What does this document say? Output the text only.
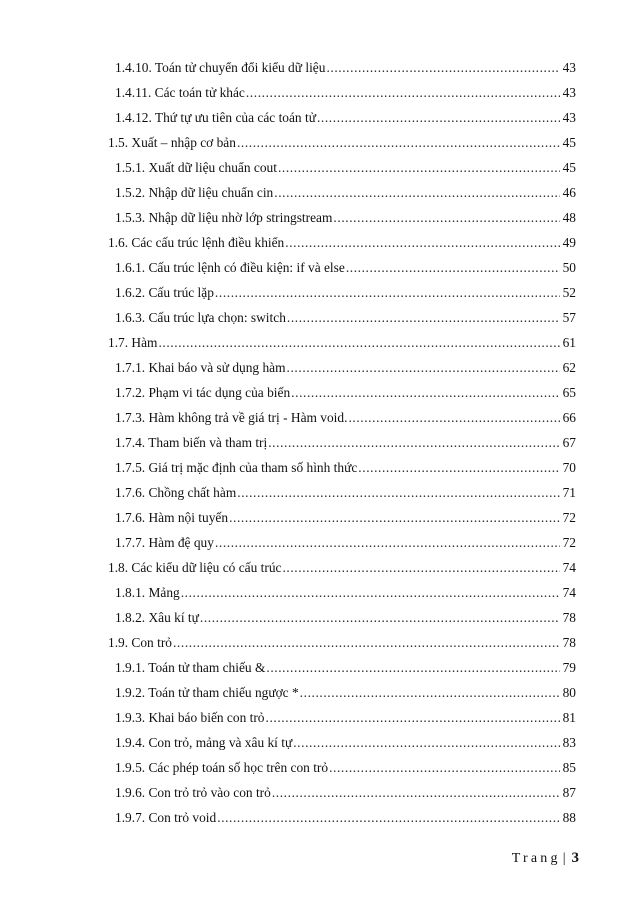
1.4.10. Toán tử chuyển đổi kiểu dữ liệu .....	43
1.4.11. Các toán tử khác .....	43
1.4.12. Thứ tự ưu tiên của các toán tử .....	43
1.5. Xuất – nhập cơ bản .....	45
1.5.1. Xuất dữ liệu chuẩn cout .....	45
1.5.2. Nhập dữ liệu chuẩn cin .....	46
1.5.3. Nhập dữ liệu nhờ lớp stringstream .....	48
1.6. Các cấu trúc lệnh điều khiển .....	49
1.6.1. Cấu trúc lệnh có điều kiện: if và else .....	50
1.6.2. Cấu trúc lặp .....	52
1.6.3. Cấu trúc lựa chọn: switch .....	57
1.7. Hàm .....	61
1.7.1. Khai báo và sử dụng hàm .....	62
1.7.2. Phạm vi tác dụng của biến .....	65
1.7.3. Hàm không trả về giá trị - Hàm void. .....	66
1.7.4. Tham biến và tham trị .....	67
1.7.5. Giá trị mặc định của tham số hình thức .....	70
1.7.6. Chồng chất hàm .....	71
1.7.6. Hàm nội tuyến .....	72
1.7.7. Hàm đệ quy .....	72
1.8. Các kiểu dữ liệu có cấu trúc .....	74
1.8.1. Mảng .....	74
1.8.2. Xâu kí tự .....	78
1.9. Con trỏ .....	78
1.9.1. Toán tử tham chiếu & .....	79
1.9.2. Toán tử tham chiếu ngược * .....	80
1.9.3. Khai báo biến con trỏ .....	81
1.9.4. Con trỏ, mảng và xâu kí tự .....	83
1.9.5. Các phép toán số học trên con trỏ .....	85
1.9.6. Con trỏ trỏ vào con trỏ .....	87
1.9.7. Con trỏ void .....	88
Trang | 3
